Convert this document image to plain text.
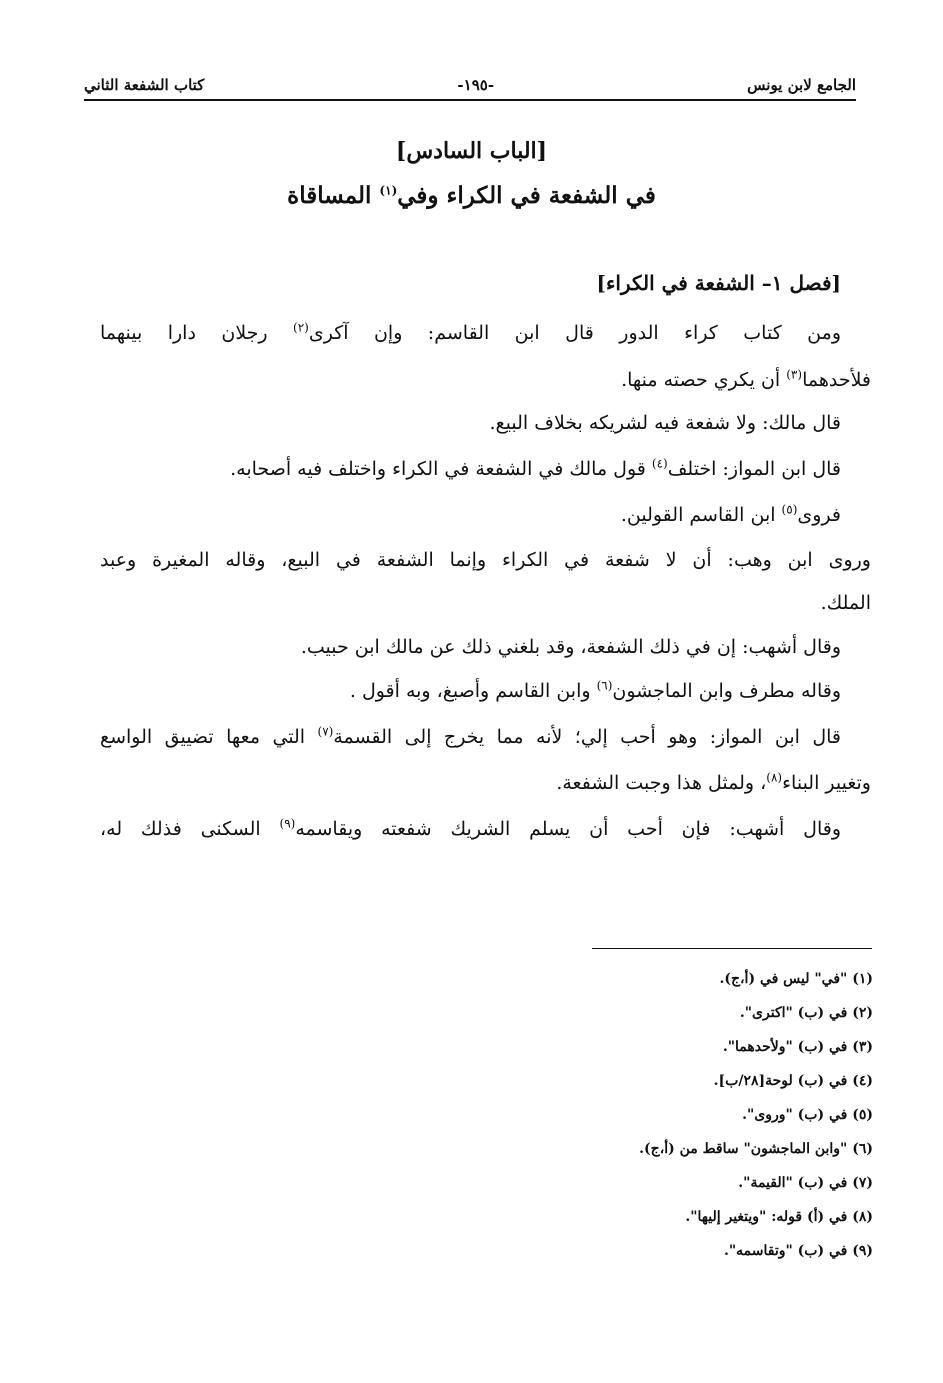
الجامع لابن يونس
-١٩٥-
كتاب الشفعة الثاني
[الباب السادس]
في الشفعة في الكراء وفي$^{(١)}$ المساقاة
[فصل ١– الشفعة في الكراء]
ومن كتاب كراء الدور قال ابن القاسم: وإن آكرى$^{(٢)}$ رجلان دارا بينهما
فلأحدهما$^{(٣)}$ أن يكري حصته منها.
قال مالك: ولا شفعة فيه لشريكه بخلاف البيع.
قال ابن المواز: اختلف$^{(٤)}$ قول مالك في الشفعة في الكراء واختلف فيه أصحابه.
فروى$^{(٥)}$ ابن القاسم القولين.
وروى ابن وهب: أن لا شفعة في الكراء وإنما الشفعة في البيع، وقاله المغيرة وعبد
الملك.
وقال أشهب: إن في ذلك الشفعة، وقد بلغني ذلك عن مالك ابن حبيب.
وقاله مطرف وابن الماجشون$^{(٦)}$ وابن القاسم وأصبغ، وبه أقول .
قال ابن المواز: وهو أحب إلي؛ لأنه مما يخرج إلى القسمة$^{(٧)}$ التي معها تضييق الواسع
وتغيير البناء$^{(٨)}$، ولمثل هذا وجبت الشفعة.
وقال أشهب: فإن أحب أن يسلم الشريك شفعته ويقاسمه$^{(٩)}$ السكنى فذلك له،
(١) "في" ليس في (أ،ج).
(٢) في (ب) "اكترى".
(٣) في (ب) "ولأحدهما".
(٤) في (ب) لوحة[٢٨/ب].
(٥) في (ب) "وروى".
(٦) "وابن الماجشون" ساقط من (أ،ج).
(٧) في (ب) "القيمة".
(٨) في (أ) قوله: "ويتغير إليها".
(٩) في (ب) "وتقاسمه".
